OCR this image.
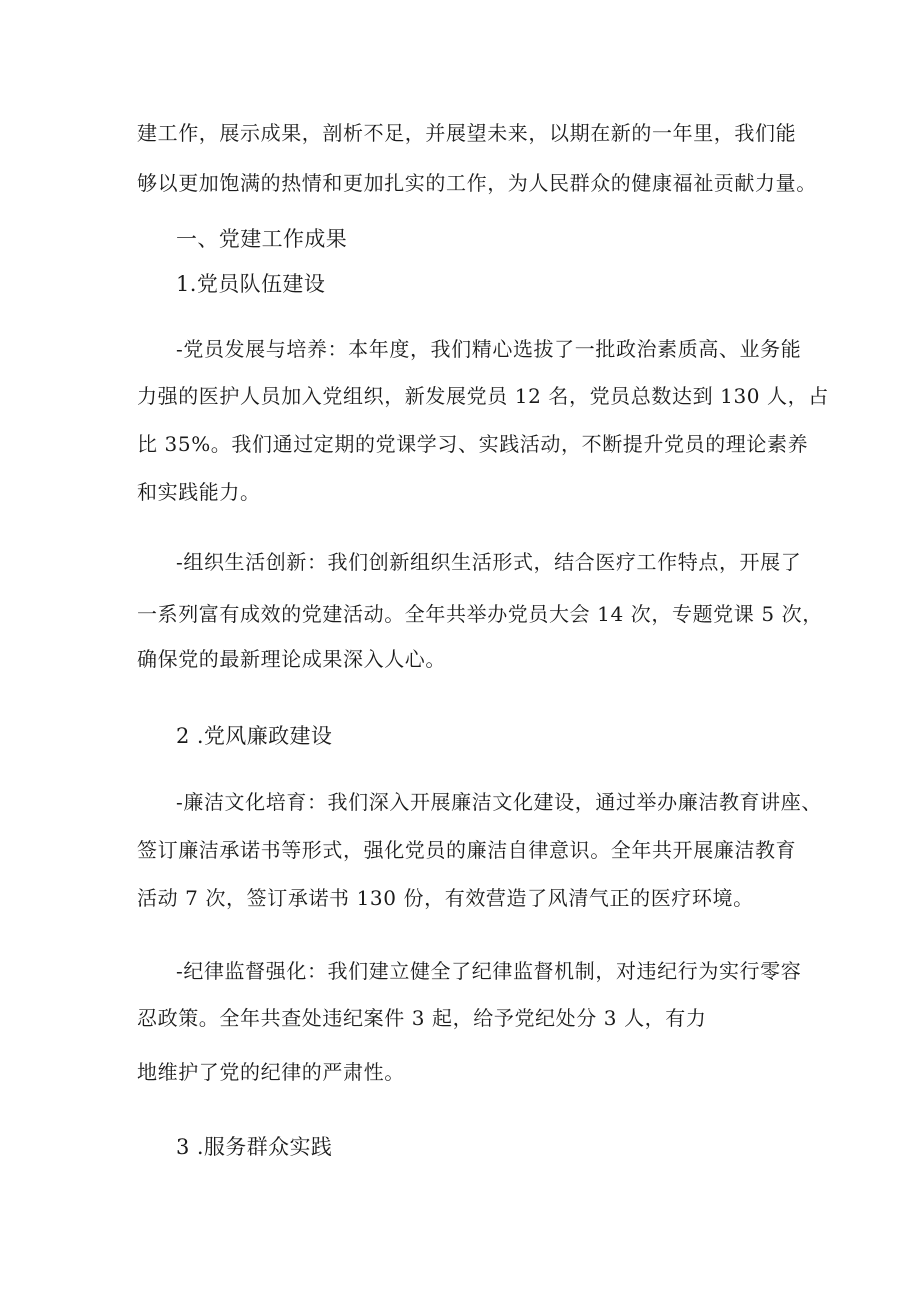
建工作，展示成果，剖析不足，并展望未来，以期在新的一年里，我们能
够以更加饱满的热情和更加扎实的工作，为人民群众的健康福祉贡献力量。
一、党建工作成果
1.党员队伍建设
-党员发展与培养：本年度，我们精心选拔了一批政治素质高、业务能
力强的医护人员加入党组织，新发展党员 12 名，党员总数达到 130 人，占
比 35%。我们通过定期的党课学习、实践活动，不断提升党员的理论素养
和实践能力。
-组织生活创新：我们创新组织生活形式，结合医疗工作特点，开展了
一系列富有成效的党建活动。全年共举办党员大会 14 次，专题党课 5 次，
确保党的最新理论成果深入人心。
2 .党风廉政建设
-廉洁文化培育：我们深入开展廉洁文化建设，通过举办廉洁教育讲座、
签订廉洁承诺书等形式，强化党员的廉洁自律意识。全年共开展廉洁教育
活动 7 次，签订承诺书 130 份，有效营造了风清气正的医疗环境。
-纪律监督强化：我们建立健全了纪律监督机制，对违纪行为实行零容
忍政策。全年共查处违纪案件 3 起，给予党纪处分 3 人，有力
地维护了党的纪律的严肃性。
3 .服务群众实践
